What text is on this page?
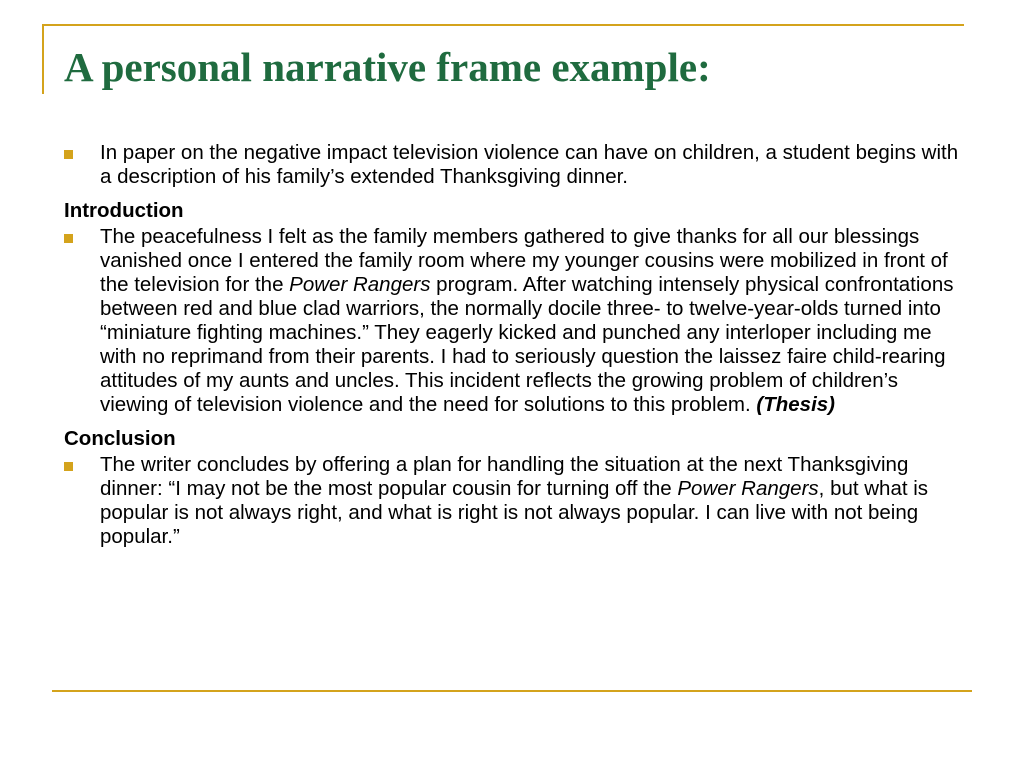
A personal narrative frame example:

In paper on the negative impact television violence can have on children, a student begins with a description of his family’s extended Thanksgiving dinner.

Introduction

The peacefulness I felt as the family members gathered to give thanks for all our blessings vanished once I entered the family room where my younger cousins were mobilized in front of the television for the Power Rangers program. After watching intensely physical confrontations between red and blue clad warriors, the normally docile three- to twelve-year-olds turned into “miniature fighting machines.” They eagerly kicked and punched any interloper including me with no reprimand from their parents. I had to seriously question the laissez faire child-rearing attitudes of my aunts and uncles. This incident reflects the growing problem of children’s viewing of television violence and the need for solutions to this problem. (Thesis)

Conclusion

The writer concludes by offering a plan for handling the situation at the next Thanksgiving dinner: “I may not be the most popular cousin for turning off the Power Rangers, but what is popular is not always right, and what is right is not always popular. I can live with not being popular.”
